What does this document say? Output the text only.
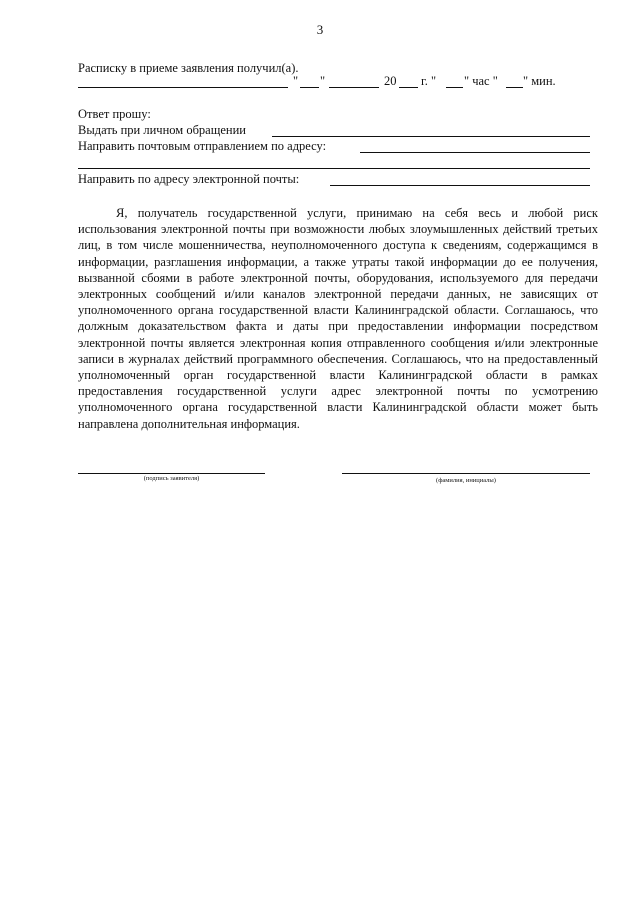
3
Расписку в приеме заявления получил(а).
" "	20 г. " " час " " мин.
Ответ прошу:
Выдать при личном обращении
Направить почтовым отправлением по адресу:
Направить по адресу электронной почты:
Я, получатель государственной услуги, принимаю на себя весь и любой риск использования электронной почты при возможности любых злоумышленных действий третьих лиц, в том числе мошенничества, неуполномоченного доступа к сведениям, содержащимся в информации, разглашения информации, а также утраты такой информации до ее получения, вызванной сбоями в работе электронной почты, оборудования, используемого для передачи электронных сообщений и/или каналов электронной передачи данных, не зависящих от уполномоченного органа государственной власти Калининградской области. Соглашаюсь, что должным доказательством факта и даты при предоставлении информации посредством электронной почты является электронная копия отправленного сообщения и/или электронные записи в журналах действий программного обеспечения. Соглашаюсь, что на предоставленный уполномоченный орган государственной власти Калининградской области в рамках предоставления государственной услуги адрес электронной почты по усмотрению уполномоченного органа государственной власти Калининградской области может быть направлена дополнительная информация.
(подпись заявителя)	(фамилия, инициалы)
